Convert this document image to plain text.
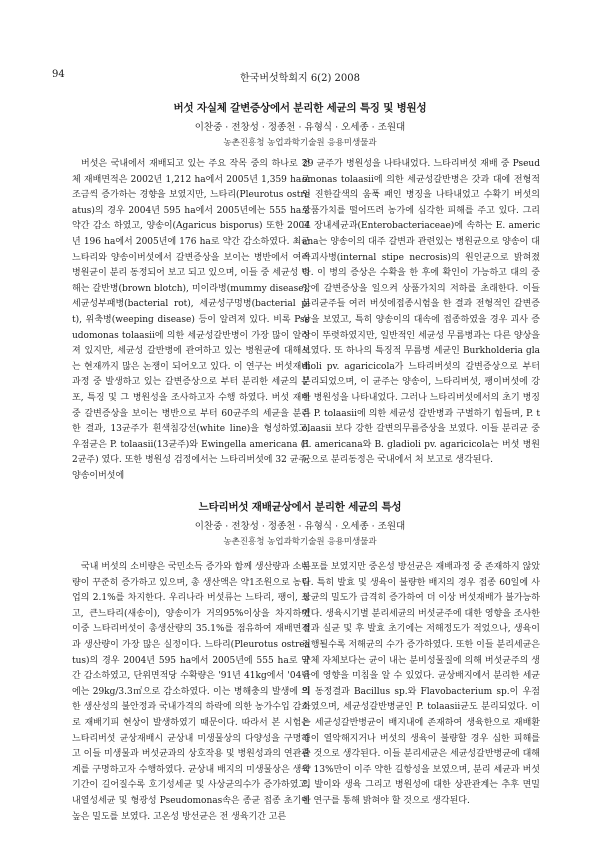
94	한국버섯학회지 6(2) 2008
버섯 자실체 갈변증상에서 분리한 세균의 특징 및 병원성

이찬중 · 전창성 · 정종천 · 유형식 · 오세종 · 조원대

농촌진흥청 농업과학기술원 응용미생물과

버섯은 국내에서 재배되고 있는 주요 작목 중의 하나로 전체 재배면적은 2002년 1,212 ha에서 2005년 1,359 ha로 조금씩 증가하는 경향을 보였지만, 느타리(Pleurotus ostreatus)의 경우 2004년 595 ha에서 2005년에는 555 ha로 약간 감소 하였고, 양송이(Agaricus bisporus) 또한 2004년 196 ha에서 2005년에 176 ha로 약간 감소하였다. 최근 느타리와 양송이버섯에서 갈변증상을 보이는 병반에서 여러 병원균이 분리 동정되어 보고 되고 있으며, 이들 중 세균성 병해는 갈반병(brown blotch), 미이라병(mummy disease), 세균성부패병(bacterial rot), 세균성구멍병(bacterial pit), 위축병(weeping disease) 등이 알려져 있다. 비록 Pseudomonas tolaasii에 의한 세균성갈반병이 가장 많이 알려져 있지만, 세균성 갈반병에 관여하고 있는 병원균에 대해서는 현재까지 많은 논쟁이 되어오고 있다. 이 연구는 버섯재배 과정 중 발생하고 있는 갈변증상으로 부터 분리한 세균의 분포, 특징 및 그 병원성을 조사하고자 수행 하였다. 버섯 재배 중 갈변증상을 보이는 병반으로 부터 60균주의 세균을 분리한 결과, 13균주가 흰색침강선(white line)을 형성하였고, 우점균은 P. tolaasii(13균주)와 Ewingella americana (12균주) 였다. 또한 병원성 검정에서는 느타리버섯에 32 균주, 양송이버섯에

29 균주가 병원성을 나타내었다. 느타리버섯 재배 중 Pseudomonas tolaasii에 의한 세균성갈반병은 갓과 대에 전형적인 진한갈색의 움푹 패인 병징을 나타내었고 수확기 버섯의 상품가치를 떨어뜨려 농가에 심각한 피해를 주고 있다. 그리고 장내세균과(Enterobacteriaceae)에 속하는 E. americana는 양송이의 대주 갈변과 관련있는 병원균으로 양송이 대속괴사병(internal stipe necrosis)의 원인균으로 밝혀졌다. 이 병의 증상은 수확을 한 후에 확인이 가능하고 대의 중앙에 갈변증상을 일으켜 상품가치의 저하를 초래한다. 이들 분리균주들 여러 버섯에접종시험을 한 결과 전형적인 갈변증상을 보였고, 특히 양송이의 대속에 접종하였을 경우 괴사 증상이 뚜렷하였지만, 일반적인 세균성 무름병과는 다른 양상을 보였다. 또 하나의 특징적 무름병 세균인 Burkholderia gladioli pv. agaricicola가 느타리버섯의 갈변증상으로 부터 분리되었으며, 이 균주는 양송이, 느타리버섯, 팽이버섯에 강한 병원성을 나타내었다. 그러나 느타리버섯에서의 초기 병징은 P. tolaasii에 의한 세균성 갈반병과 구별하기 힘들며, P. tolaasii 보다 강한 갈변의무름증상을 보였다. 이들 분리균 중 E. americana와 B. gladioli pv. agaricicola는 버섯 병원균으로 분리동정은 국내에서 처 보고로 생각된다.

느타리버섯 재배균상에서 분리한 세균의 특성

이찬중 · 전창성 · 정종천 · 유형식 · 오세종 · 조원대

농촌진흥청 농업과학기술원 응용미생물과

국내 버섯의 소비량은 국민소득 증가와 함께 생산량과 소비량이 꾸준히 증가하고 있으며, 총 생산액은 약1조원으로 농림업의 2.1%를 차지한다. 우리나라 버섯류는 느타리, 팽이, 표고, 큰느타리(새송이), 양송이가 거의95%이상을 차지하며 이중 느타리버섯이 총생산량의 35.1%를 점유하여 재배면적과 생산량이 가장 많은 실정이다. 느타리(Pleurotus ostreatus)의 경우 2004년 595 ha에서 2005년에 555 ha로 약간 감소하였고, 단위면적당 수확량은 '91년 41kg에서 '04년에는 29kg/3.3㎡으로 감소하였다. 이는 병해충의 발생에 의한 생산성의 불안정과 국내가격의 하락에 의한 농가수입 감소로 재배기피 현상이 발생하였기 때문이다. 따라서 본 시험은 느타리버섯 균상재배시 균상내 미생물상의 다양성을 구명하고 이들 미생물과 버섯균과의 상호작용 및 병원성과의 연관관계를 구명하고자 수행하였다. 균상내 배지의 미생물상은 생육기간이 길어질수록 호기성세균 및 사상균의수가 증가하였고, 내열성세균 및 형광성 Pseudomonas속은 종균 접종 초기에 높은 밀도를 보였다. 고온성 방선균은 전 생육기간 고른

분포를 보였지만 중온성 방선균은 재배과정 중 존재하지 않았다. 특히 발효 및 생육이 불량한 배지의 경우 접종 60일에 사상균의 밀도가 급격히 증가하여 더 이상 버섯재배가 불가능하였다. 생육시기별 분리세균의 버섯균주에 대한 영향을 조사한 결과 실균 및 후 발효 초기에는 저해정도가 적었으나, 생육이 진행될수록 저해균의 수가 증가하였다. 또한 이들 분리세균은 균체 자체보다는 균이 내는 분비성물질에 의해 버섯균주의 생육에 영향을 미침을 알 수 있었다. 균상배지에서 분리한 세균의 동정결과 Bacillus sp.와 Flavobacterium sp.이 우점하였으며, 세균성갈반병균인 P. tolaasii균도 분리되었다. 이는 세균성갈반병균이 배지내에 존재하여 생육한으로 재배환경이 열악해지거나 버섯의 생육이 불량할 경우 심한 피해를 줄 것으로 생각된다. 이들 분리세균은 세균성갈반병균에 대해 약 13%만이 이주 약한 길항성을 보였으며, 분리 세균과 버섯의 발이와 생육 그리고 병원성에 대한 상관관계는 추후 면밀한 연구를 통해 밝혀야 할 것으로 생각된다.
